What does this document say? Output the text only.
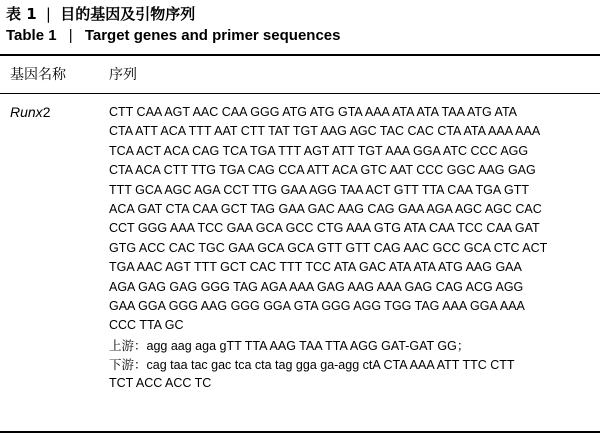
表 1 | 目的基因及引物序列
Table 1 | Target genes and primer sequences
基因名称	序列
Runx2	CTT CAA AGT AAC CAA GGG ATG ATG GTA AAA ATA ATA TAA ATG ATA
CTA ATT ACA TTT AAT CTT TAT TGT AAG AGC TAC CAC CTA ATA AAA AAA
TCA ACT ACA CAG TCA TGA TTT AGT ATT TGT AAA GGA ATC CCC AGG
CTA ACA CTT TTG TGA CAG CCA ATT ACA GTC AAT CCC GGC AAG GAG
TTT GCA AGC AGA CCT TTG GAA AGG TAA ACT GTT TTA CAA TGA GTT
ACA GAT CTA CAA GCT TAG GAA GAC AAG CAG GAA AGA AGC AGC CAC
CCT GGG AAA TCC GAA GCA GCC CTG AAA GTG ATA CAA TCC CAA GAT
GTG ACC CAC TGC GAA GCA GCA GTT GTT CAG AAC GCC GCA CTC ACT
TGA AAC AGT TTT GCT CAC TTT TCC ATA GAC ATA ATA ATG AAG GAA
AGA GAG GAG GGG TAG AGA AAA GAG AAG AAA GAG CAG ACG AGG
GAA GGA GGG AAG GGG GGA GTA GGG AGG TGG TAG AAA GGA AAA
CCC TTA GC
上游：agg aag aga gTT TTA AAG TAA TTA AGG GAT-GAT GG；
下游：cag taa tac gac tca cta tag gga ga-agg ctA CTA AAA ATT TTC CTT
TCT ACC ACC TC
